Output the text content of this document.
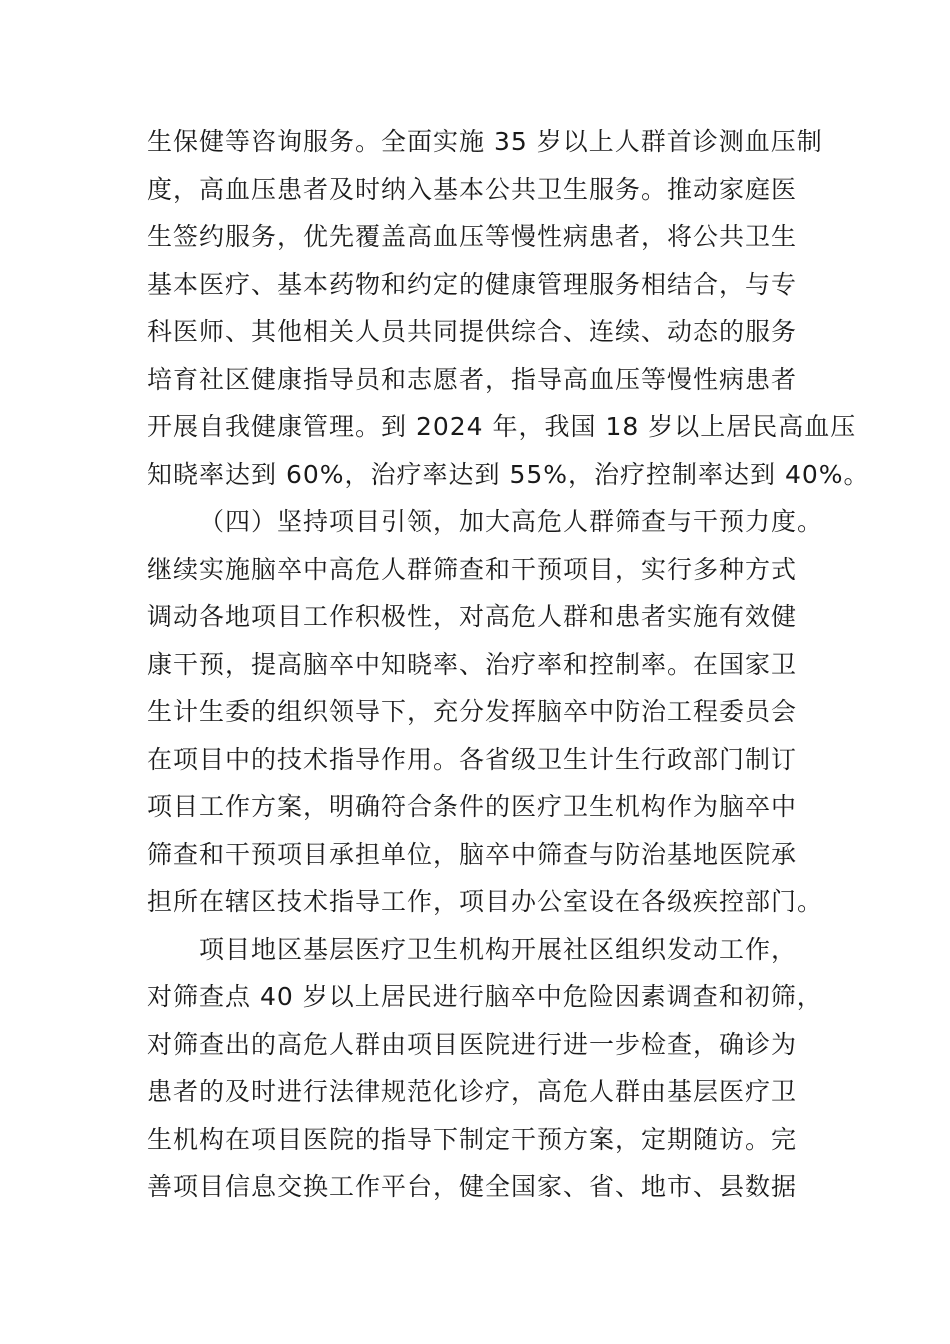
生保健等咨询服务。全面实施 35 岁以上人群首诊测血压制
度，高血压患者及时纳入基本公共卫生服务。推动家庭医
生签约服务，优先覆盖高血压等慢性病患者，将公共卫生
基本医疗、基本药物和约定的健康管理服务相结合，与专
科医师、其他相关人员共同提供综合、连续、动态的服务
培育社区健康指导员和志愿者，指导高血压等慢性病患者
开展自我健康管理。到 2024 年，我国 18 岁以上居民高血压
知晓率达到 60%，治疗率达到 55%，治疗控制率达到 40%。
（四）坚持项目引领，加大高危人群筛查与干预力度。
继续实施脑卒中高危人群筛查和干预项目，实行多种方式
调动各地项目工作积极性，对高危人群和患者实施有效健
康干预，提高脑卒中知晓率、治疗率和控制率。在国家卫
生计生委的组织领导下，充分发挥脑卒中防治工程委员会
在项目中的技术指导作用。各省级卫生计生行政部门制订
项目工作方案，明确符合条件的医疗卫生机构作为脑卒中
筛查和干预项目承担单位，脑卒中筛查与防治基地医院承
担所在辖区技术指导工作，项目办公室设在各级疾控部门。
项目地区基层医疗卫生机构开展社区组织发动工作，
对筛查点 40 岁以上居民进行脑卒中危险因素调查和初筛，
对筛查出的高危人群由项目医院进行进一步检查，确诊为
患者的及时进行法律规范化诊疗，高危人群由基层医疗卫
生机构在项目医院的指导下制定干预方案，定期随访。完
善项目信息交换工作平台，健全国家、省、地市、县数据
